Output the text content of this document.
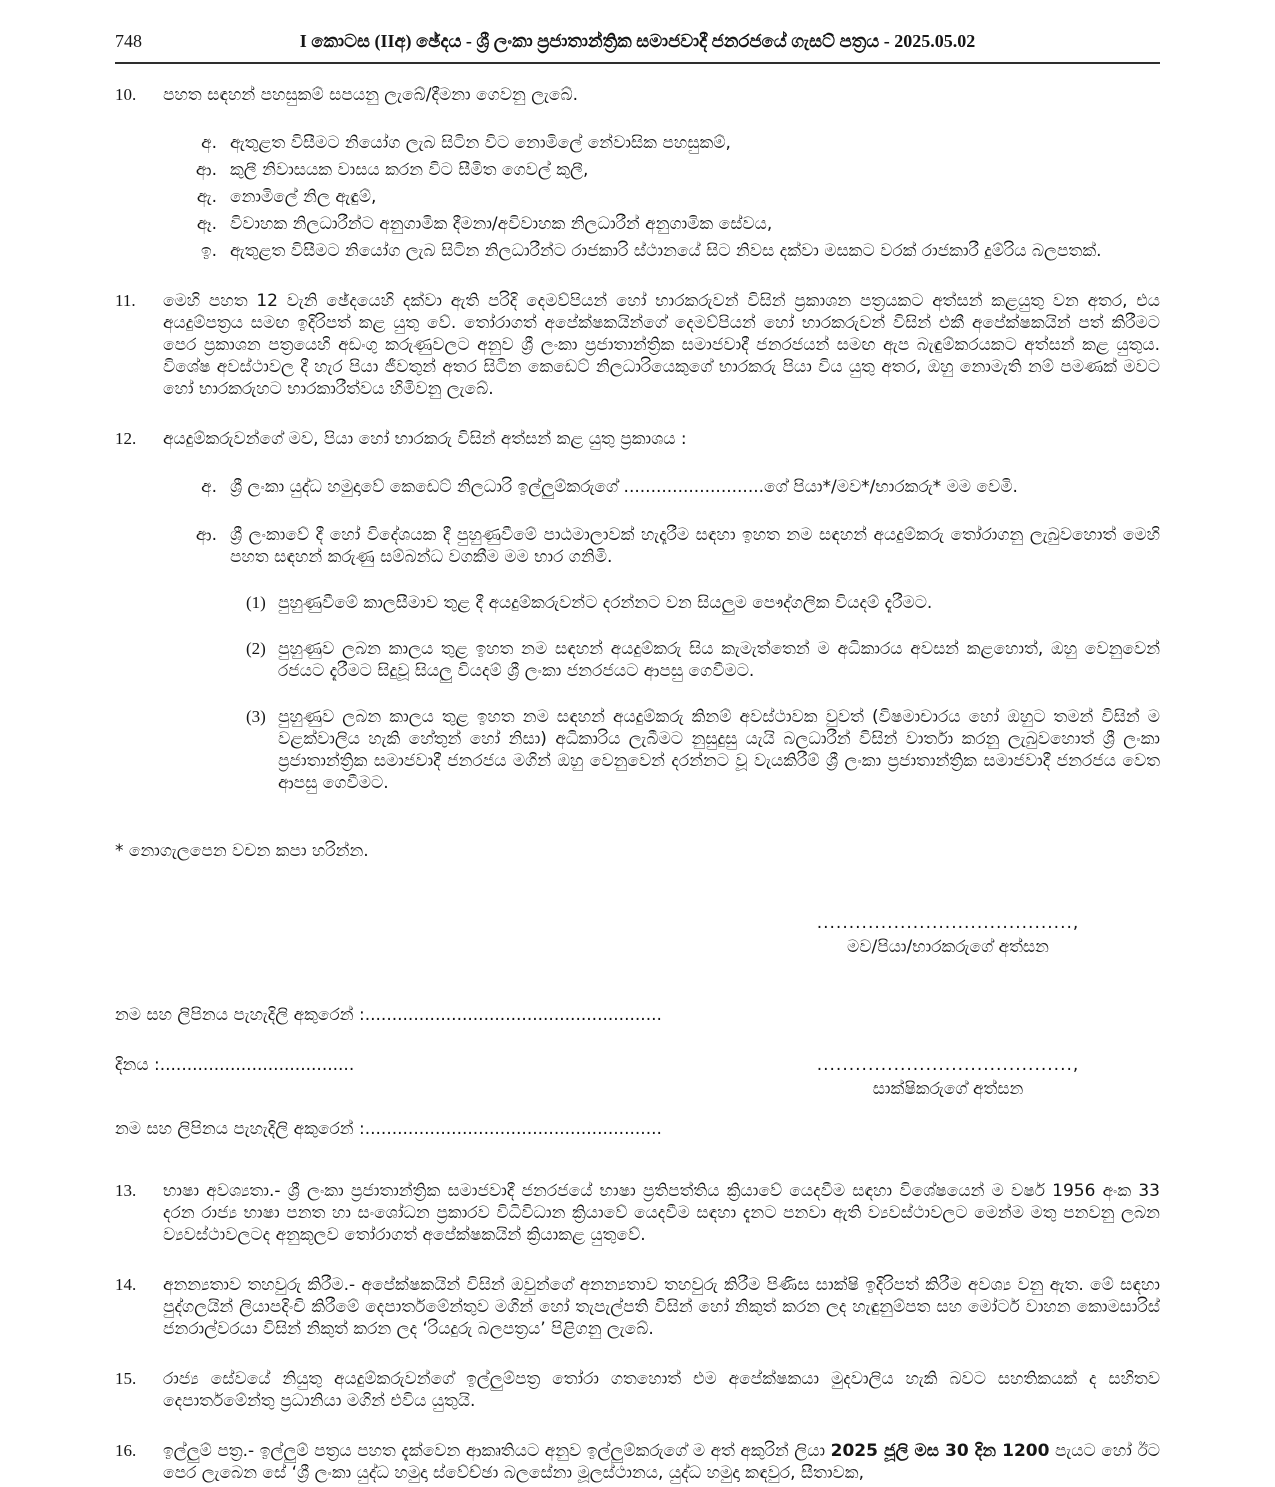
748	I කොටස (IIඅ) ඡේදය - ශ්‍රී ලංකා ප්‍රජාතාන්ත්‍රික සමාජවාදී ජනරජයේ ගැසට් පත්‍රය - 2025.05.02
10.	පහත සඳහන් පහසුකම් සපයනු ලැබේ/දීමනා ගෙවනු ලැබේ.
අ. ඇතුළත විසීමට නියෝග ලැබ සිටින විට නොමිලේ නේවාසික පහසුකම්,
ආ. කුලී නිවාසයක වාසය කරන විට සීමිත ගෙවල් කුලී,
ඇ. නොමිලේ නිල ඇඳුම්,
ඈ. විවාහක නිලධාරීන්ට අනුගාමික දීමනා/අවිවාහක නිලධාරීන් අනුගාමික සේවය,
ඉ. ඇතුළත විසීමට නියෝග ලැබ සිටින නිලධාරීන්ට රාජකාරි ස්ථානයේ සිට නිවස දක්වා මසකට වරක් රාජකාරී දුම්රිය බලපතක්.
11.	මෙහි පහත 12 වැනි ඡේදයෙහි දක්වා ඇති පරිදි දෙමව්පියන් හෝ භාරකරුවන් විසින් ප්‍රකාශන පත්‍රයකට අත්සන් කළයුතු වන අතර, එය අයදුම්පත්‍රය සමඟ ඉදිරිපත් කළ යුතු වේ. තෝරාගත් අපේක්ෂකයින්ගේ දෙමව්පියන් හෝ භාරකරුවන් විසින් එකී අපේක්ෂකයින් පත් කිරීමට පෙර ප්‍රකාශන පත්‍රයෙහි අඩංගු කරුණුවලට අනුව ශ්‍රී ලංකා ප්‍රජාතාන්ත්‍රික සමාජවාදී ජනරජයන් සමඟ ඇප බැඳුම්කරයකට අත්සන් කළ යුතුය. විශේෂ අවස්ථාවල දී හැර පියා ජීවතුන් අතර සිටින කෙඩෙට් නිලධාරියෙකුගේ භාරකරු පියා විය යුතු අතර, ඔහු නොමැති නම් පමණක් මවට හෝ භාරකරුහට භාරකාරීත්වය හිමිවනු ලැබේ.
12.	අයදුම්කරුවන්ගේ මව, පියා හෝ භාරකරු විසින් අත්සන් කළ යුතු ප්‍රකාශය :
අ. ශ්‍රී ලංකා යුද්ධ හමුදාවේ කෙඩෙට් නිලධාරි ඉල්ලුම්කරුගේ ..........................ගේ පියා*/මව*/භාරකරු* මම වෙමි.
ආ. ශ්‍රී ලංකාවේ දී හෝ විදේශයක දී පුහුණුවීමේ පාඨමාලාවක් හැදෑරීම සඳහා ඉහත නම සඳහන් අයදුම්කරු තෝරාගනු ලැබුවහොත් මෙහි පහත සඳහන් කරුණු සම්බන්ධ වගකීම මම භාර ගනිමි.
(1) පුහුණුවීමේ කාලසීමාව තුළ දී අයදුම්කරුවන්ට දරන්නට වන සියලුම පෞද්ගලික වියදම් දැරීමට.
(2) පුහුණුව ලබන කාලය තුළ ඉහත නම සඳහන් අයදුම්කරු සිය කැමැත්තෙන් ම අධිකාරය අවසන් කළහොත්, ඔහු වෙනුවෙන් රජයට දැරීමට සිදුවූ සියලු වියදම් ශ්‍රී ලංකා ජනරජයට ආපසු ගෙවීමට.
(3) පුහුණුව ලබන කාලය තුළ ඉහත නම සඳහන් අයදුම්කරු කිනම් අවස්ථාවක වුවත් (විෂමාචාරය හෝ ඔහුට තමන් විසින් ම වළක්වාලිය හැකි හේතුන් හෝ නිසා) අධිකාරිය ලැබීමට නුසුදුසු යැයි බලධාරීන් විසින් වාර්තා කරනු ලැබුවහොත් ශ්‍රී ලංකා ප්‍රජාතාන්ත්‍රික සමාජවාදී ජනරජය මගින් ඔහු වෙනුවෙන් දරන්නට වූ වැයකිරීම් ශ්‍රී ලංකා ප්‍රජාතාන්ත්‍රික සමාජවාදී ජනරජය වෙත ආපසු ගෙවීමට.
* නොගැලපෙන වචන කපා හරින්න.
........................................,
මව/පියා/භාරකරුගේ අත්සන
නම සහ ලිපිනය පැහැදිලි අකුරෙන් :.......................................................
දිනය :....................................	........................................,
සාක්ෂිකරුගේ අත්සන
නම සහ ලිපිනය පැහැදිලි අකුරෙන් :.......................................................
13.	භාෂා අවශ්‍යතා.- ශ්‍රී ලංකා ප්‍රජාතාන්ත්‍රික සමාජවාදී ජනරජයේ භාෂා ප්‍රතිපත්තිය ක්‍රියාවේ යෙදවීම සඳහා විශේෂයෙන් ම වර්ෂ 1956 අංක 33 දරන රාජ්‍ය භාෂා පනත හා සංශෝධන ප්‍රකාරව විධිවිධාන ක්‍රියාවේ යෙදවීම සඳහා දැනට පනවා ඇති ව්‍යවස්ථාවලට මෙන්ම මතු පනවනු ලබන ව්‍යවස්ථාවලටද අනුකූලව තෝරාගත් අපේක්ෂකයින් ක්‍රියාකළ යුතුවේ.
14.	අනන්‍යතාව තහවුරු කිරීම.- අපේක්ෂකයින් විසින් ඔවුන්ගේ අනන්‍යතාව තහවුරු කිරීම පිණිස සාක්ෂි ඉදිරිපත් කිරීම අවශ්‍ය වනු ඇත. මේ සඳහා පුද්ගලයින් ලියාපදිංචි කිරීමේ දෙපාර්තමේන්තුව මගින් හෝ තැපැල්පති විසින් හෝ නිකුත් කරන ලද හැඳුනුම්පත සහ මෝටර් වාහන කොමසාරිස් ජනරාල්වරයා විසින් නිකුත් කරන ලද ‘රියදුරු බලපත්‍රය’ පිළිගනු ලැබේ.
15.	රාජ්‍ය සේවයේ නියුතු අයදුම්කරුවන්ගේ ඉල්ලුම්පත්‍ර තෝරා ගතහොත් එම අපේක්ෂකයා මුදවාලිය හැකි බවට සහතිකයක් ද සහිතව දෙපාර්තමේන්තු ප්‍රධානියා මගින් එවිය යුතුයි.
16.	ඉල්ලුම් පත්‍ර.- ඉල්ලුම් පත්‍රය පහත දැක්වෙන ආකෘතියට අනුව ඉල්ලුම්කරුගේ ම අත් අකුරින් ලියා 2025 ජූලි මස 30 දින 1200 පැයට හෝ ඊට පෙර ලැබෙන සේ ‘ශ්‍රී ලංකා යුද්ධ හමුදා ස්වේච්ඡා බලසේනා මූලස්ථානය, යුද්ධ හමුදා කඳවුර, සීතාවක,
